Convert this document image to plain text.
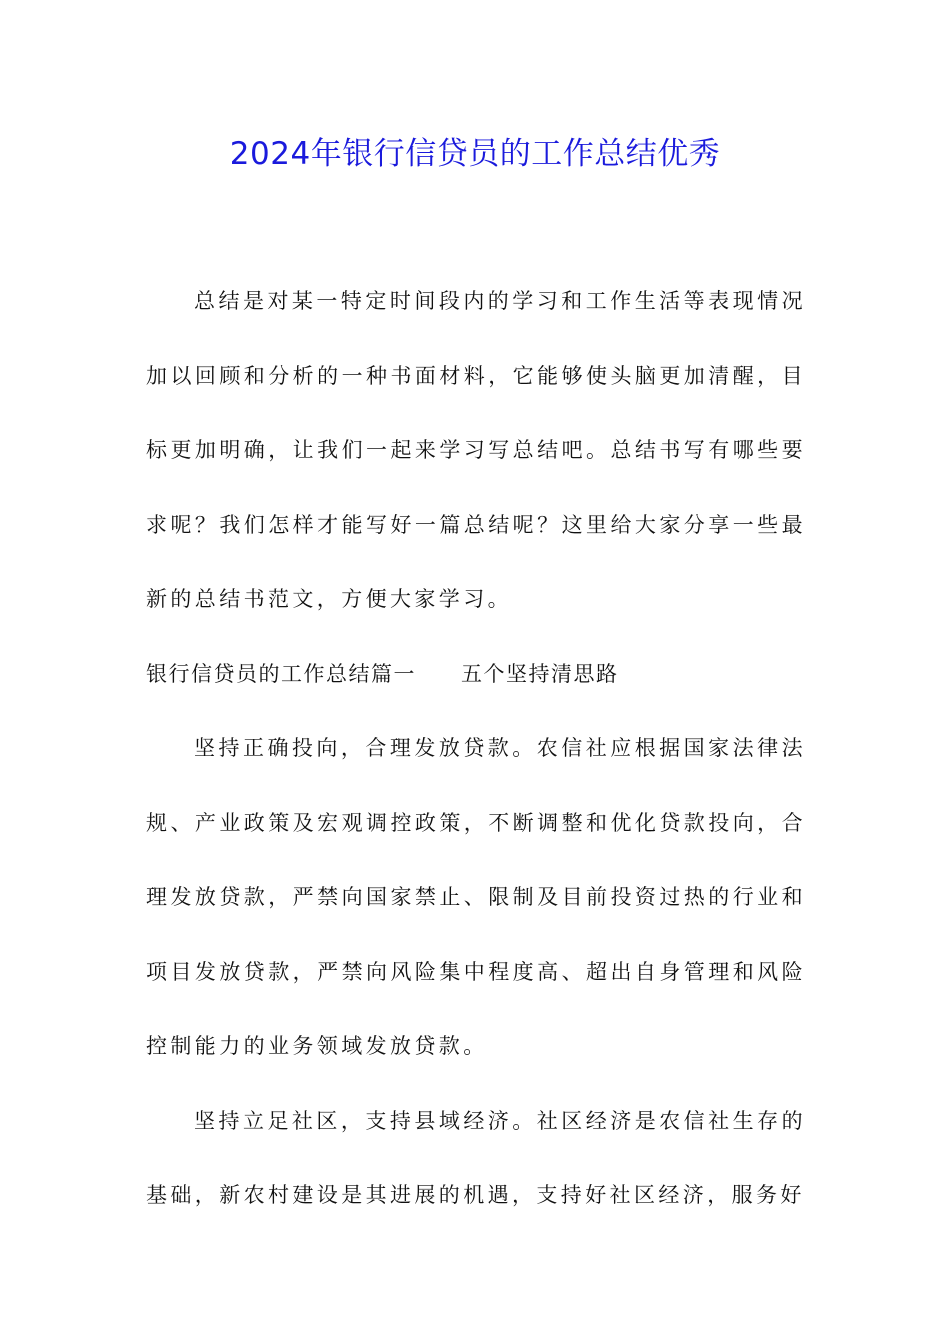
2024年银行信贷员的工作总结优秀

总结是对某一特定时间段内的学习和工作生活等表现情况加以回顾和分析的一种书面材料，它能够使头脑更加清醒，目标更加明确，让我们一起来学习写总结吧。总结书写有哪些要求呢？我们怎样才能写好一篇总结呢？这里给大家分享一些最新的总结书范文，方便大家学习。

银行信贷员的工作总结篇一　　五个坚持清思路

坚持正确投向，合理发放贷款。农信社应根据国家法律法规、产业政策及宏观调控政策，不断调整和优化贷款投向，合理发放贷款，严禁向国家禁止、限制及目前投资过热的行业和项目发放贷款，严禁向风险集中程度高、超出自身管理和风险控制能力的业务领域发放贷款。

坚持立足社区，支持县域经济。社区经济是农信社生存的基础，新农村建设是其进展的机遇，支持好社区经济，服务好
